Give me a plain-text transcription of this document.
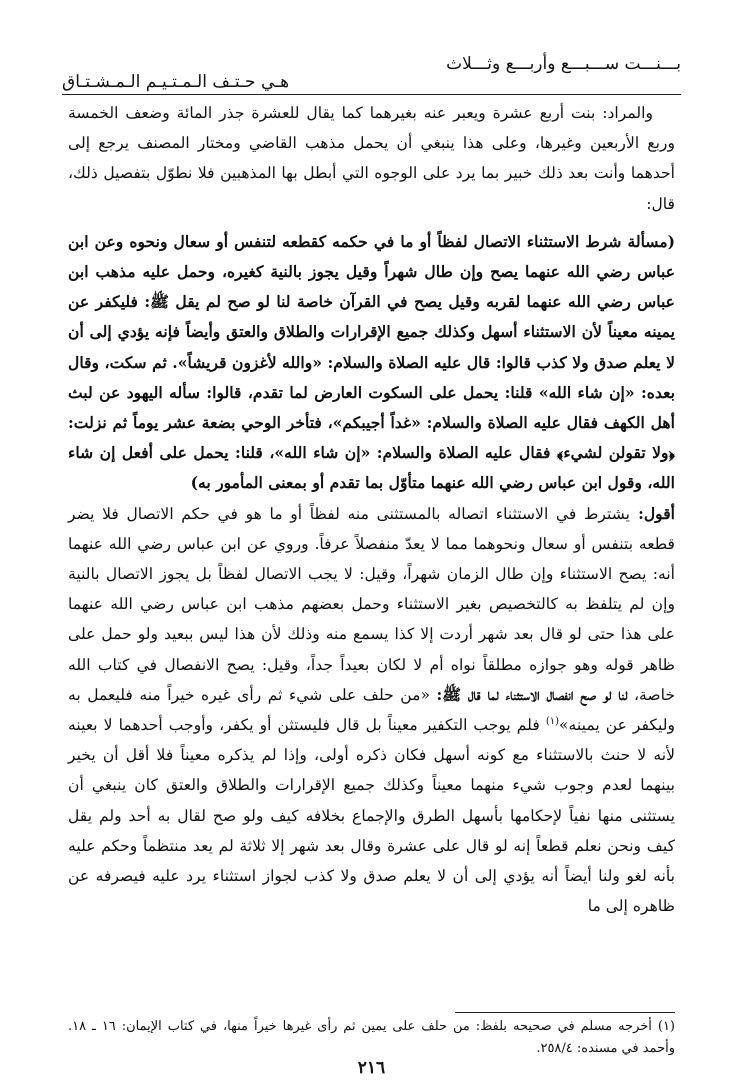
بـــنـــت ســـبـــع وأربـــع وثـــلاث
هـي حـتـف الـمـتـيـم الـمـشـتـاق

والمراد: بنت أربع عشرة ويعبر عنه بغيرهما كما يقال للعشرة جذر المائة وضعف الخمسة وربع الأربعين وغيرها، وعلى هذا ينبغي أن يحمل مذهب القاضي ومختار المصنف يرجع إلى أحدهما وأنت بعد ذلك خبير بما يرد على الوجوه التي أبطل بها المذهبين فلا نطوّل بتفصيل ذلك، قال:

(مسألة شرط الاستثناء الاتصال لفظاً أو ما في حكمه كقطعه لتنفس أو سعال ونحوه وعن ابن عباس رضي الله عنهما يصح وإن طال شهراً وقيل يجوز بالنية كغيره، وحمل عليه مذهب ابن عباس رضي الله عنهما لقربه وقيل يصح في القرآن خاصة لنا لو صح لم يقل ﷺ: فليكفر عن يمينه معيناً لأن الاستثناء أسهل وكذلك جميع الإقرارات والطلاق والعتق وأيضاً فإنه يؤدي إلى أن لا يعلم صدق ولا كذب قالوا: قال عليه الصلاة والسلام: «والله لأغزون قريشاً». ثم سكت، وقال بعده: «إن شاء الله» قلنا: يحمل على السكوت العارض لما تقدم، قالوا: سأله اليهود عن لبث أهل الكهف فقال عليه الصلاة والسلام: «غداً أجيبكم»، فتأخر الوحي بضعة عشر يوماً ثم نزلت: ﴿ولا تقولن لشيء﴾ فقال عليه الصلاة والسلام: «إن شاء الله»، قلنا: يحمل على أفعل إن شاء الله، وقول ابن عباس رضي الله عنهما متأوّل بما تقدم أو بمعنى المأمور به)

أقول: يشترط في الاستثناء اتصاله بالمستثنى منه لفظاً أو ما هو في حكم الاتصال فلا يضر قطعه بتنفس أو سعال ونحوهما مما لا يعدّ منفصلاً عرفاً. وروي عن ابن عباس رضي الله عنهما أنه: يصح الاستثناء وإن طال الزمان شهراً، وقيل: لا يجب الاتصال لفظاً بل يجوز الاتصال بالنية وإن لم يتلفظ به كالتخصيص بغير الاستثناء وحمل بعضهم مذهب ابن عباس رضي الله عنهما على هذا حتى لو قال بعد شهر أردت إلا كذا يسمع منه وذلك لأن هذا ليس ببعيد ولو حمل على ظاهر قوله وهو جوازه مطلقاً نواه أم لا لكان بعيداً جداً، وقيل: يصح الانفصال في كتاب الله خاصة، لنا لو صح انفصال الاستثناء لما قال ﷺ: «من حلف على شيء ثم رأى غيره خيراً منه فليعمل به وليكفر عن يمينه»$^{(١)}$ فلم يوجب التكفير معيناً بل قال فليستثن أو يكفر، وأوجب أحدهما لا بعينه لأنه لا حنث بالاستثناء مع كونه أسهل فكان ذكره أولى، وإذا لم يذكره معيناً فلا أقل أن يخير بينهما لعدم وجوب شيء منهما معيناً وكذلك جميع الإقرارات والطلاق والعتق كان ينبغي أن يستثنى منها نفياً لإحكامها بأسهل الطرق والإجماع بخلافه كيف ولو صح لقال به أحد ولم يقل كيف ونحن نعلم قطعاً إنه لو قال على عشرة وقال بعد شهر إلا ثلاثة لم يعد منتظماً وحكم عليه بأنه لغو ولنا أيضاً أنه يؤدي إلى أن لا يعلم صدق ولا كذب لجواز استثناء يرد عليه فيصرفه عن ظاهره إلى ما

(١) أخرجه مسلم في صحيحه بلفظ: من حلف على يمين ثم رأى غيرها خيراً منها، في كتاب الإيمان: ١٦ ـ ١٨. وأحمد في مسنده: ٢٥٨/٤.

٢١٦
